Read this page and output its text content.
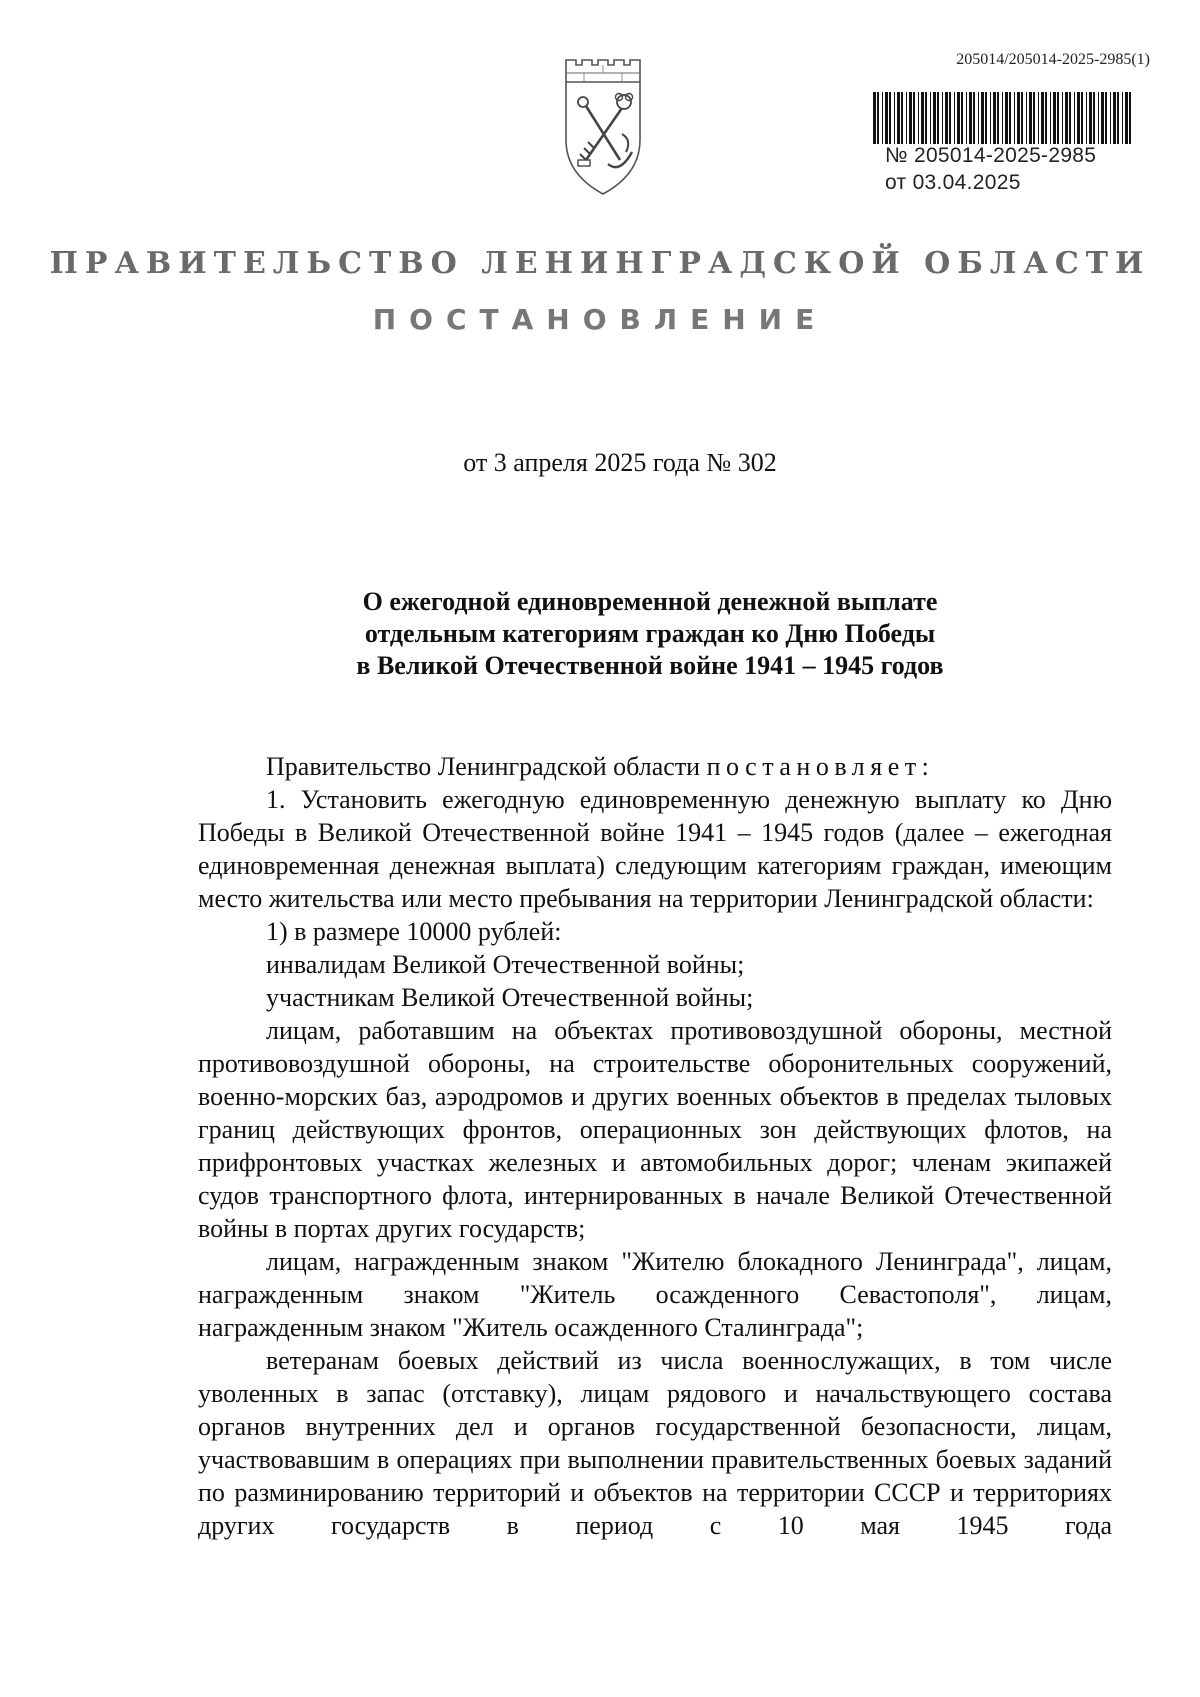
205014/205014-2025-2985(1)
№ 205014-2025-2985
от 03.04.2025
ПРАВИТЕЛЬСТВО ЛЕНИНГРАДСКОЙ ОБЛАСТИ
ПОСТАНОВЛЕНИЕ
от 3 апреля 2025 года № 302
О ежегодной единовременной денежной выплате
отдельным категориям граждан ко Дню Победы
в Великой Отечественной войне 1941 – 1945 годов

Правительство Ленинградской области постановляет:

1. Установить ежегодную единовременную денежную выплату ко Дню Победы в Великой Отечественной войне 1941 – 1945 годов (далее – ежегодная единовременная денежная выплата) следующим категориям граждан, имеющим место жительства или место пребывания на территории Ленинградской области:

1) в размере 10000 рублей:

инвалидам Великой Отечественной войны;

участникам Великой Отечественной войны;

лицам, работавшим на объектах противовоздушной обороны, местной противовоздушной обороны, на строительстве оборонительных сооружений, военно-морских баз, аэродромов и других военных объектов в пределах тыловых границ действующих фронтов, операционных зон действующих флотов, на прифронтовых участках железных и автомобильных дорог; членам экипажей судов транспортного флота, интернированных в начале Великой Отечественной войны в портах других государств;

лицам, награжденным знаком "Жителю блокадного Ленинграда", лицам, награжденным знаком "Житель осажденного Севастополя", лицам, награжденным знаком "Житель осажденного Сталинграда";

ветеранам боевых действий из числа военнослужащих, в том числе уволенных в запас (отставку), лицам рядового и начальствующего состава органов внутренних дел и органов государственной безопасности, лицам, участвовавшим в операциях при выполнении правительственных боевых заданий по разминированию территорий и объектов на территории СССР и территориях других государств в период с 10 мая 1945 года
